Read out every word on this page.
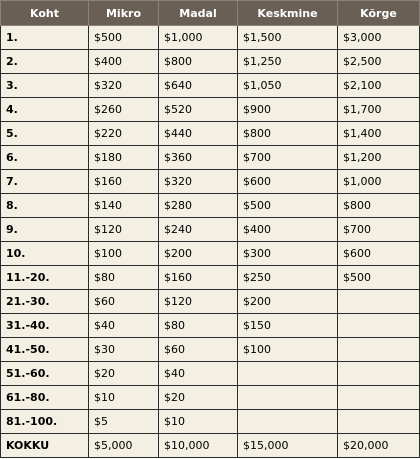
Koht	Mikro	Madal	Keskmine	Kõrge
1.	$500	$1,000	$1,500	$3,000
2.	$400	$800	$1,250	$2,500
3.	$320	$640	$1,050	$2,100
4.	$260	$520	$900	$1,700
5.	$220	$440	$800	$1,400
6.	$180	$360	$700	$1,200
7.	$160	$320	$600	$1,000
8.	$140	$280	$500	$800
9.	$120	$240	$400	$700
10.	$100	$200	$300	$600
11.-20.	$80	$160	$250	$500
21.-30.	$60	$120	$200	
31.-40.	$40	$80	$150	
41.-50.	$30	$60	$100	
51.-60.	$20	$40		
61.-80.	$10	$20		
81.-100.	$5	$10		
KOKKU	$5,000	$10,000	$15,000	$20,000
